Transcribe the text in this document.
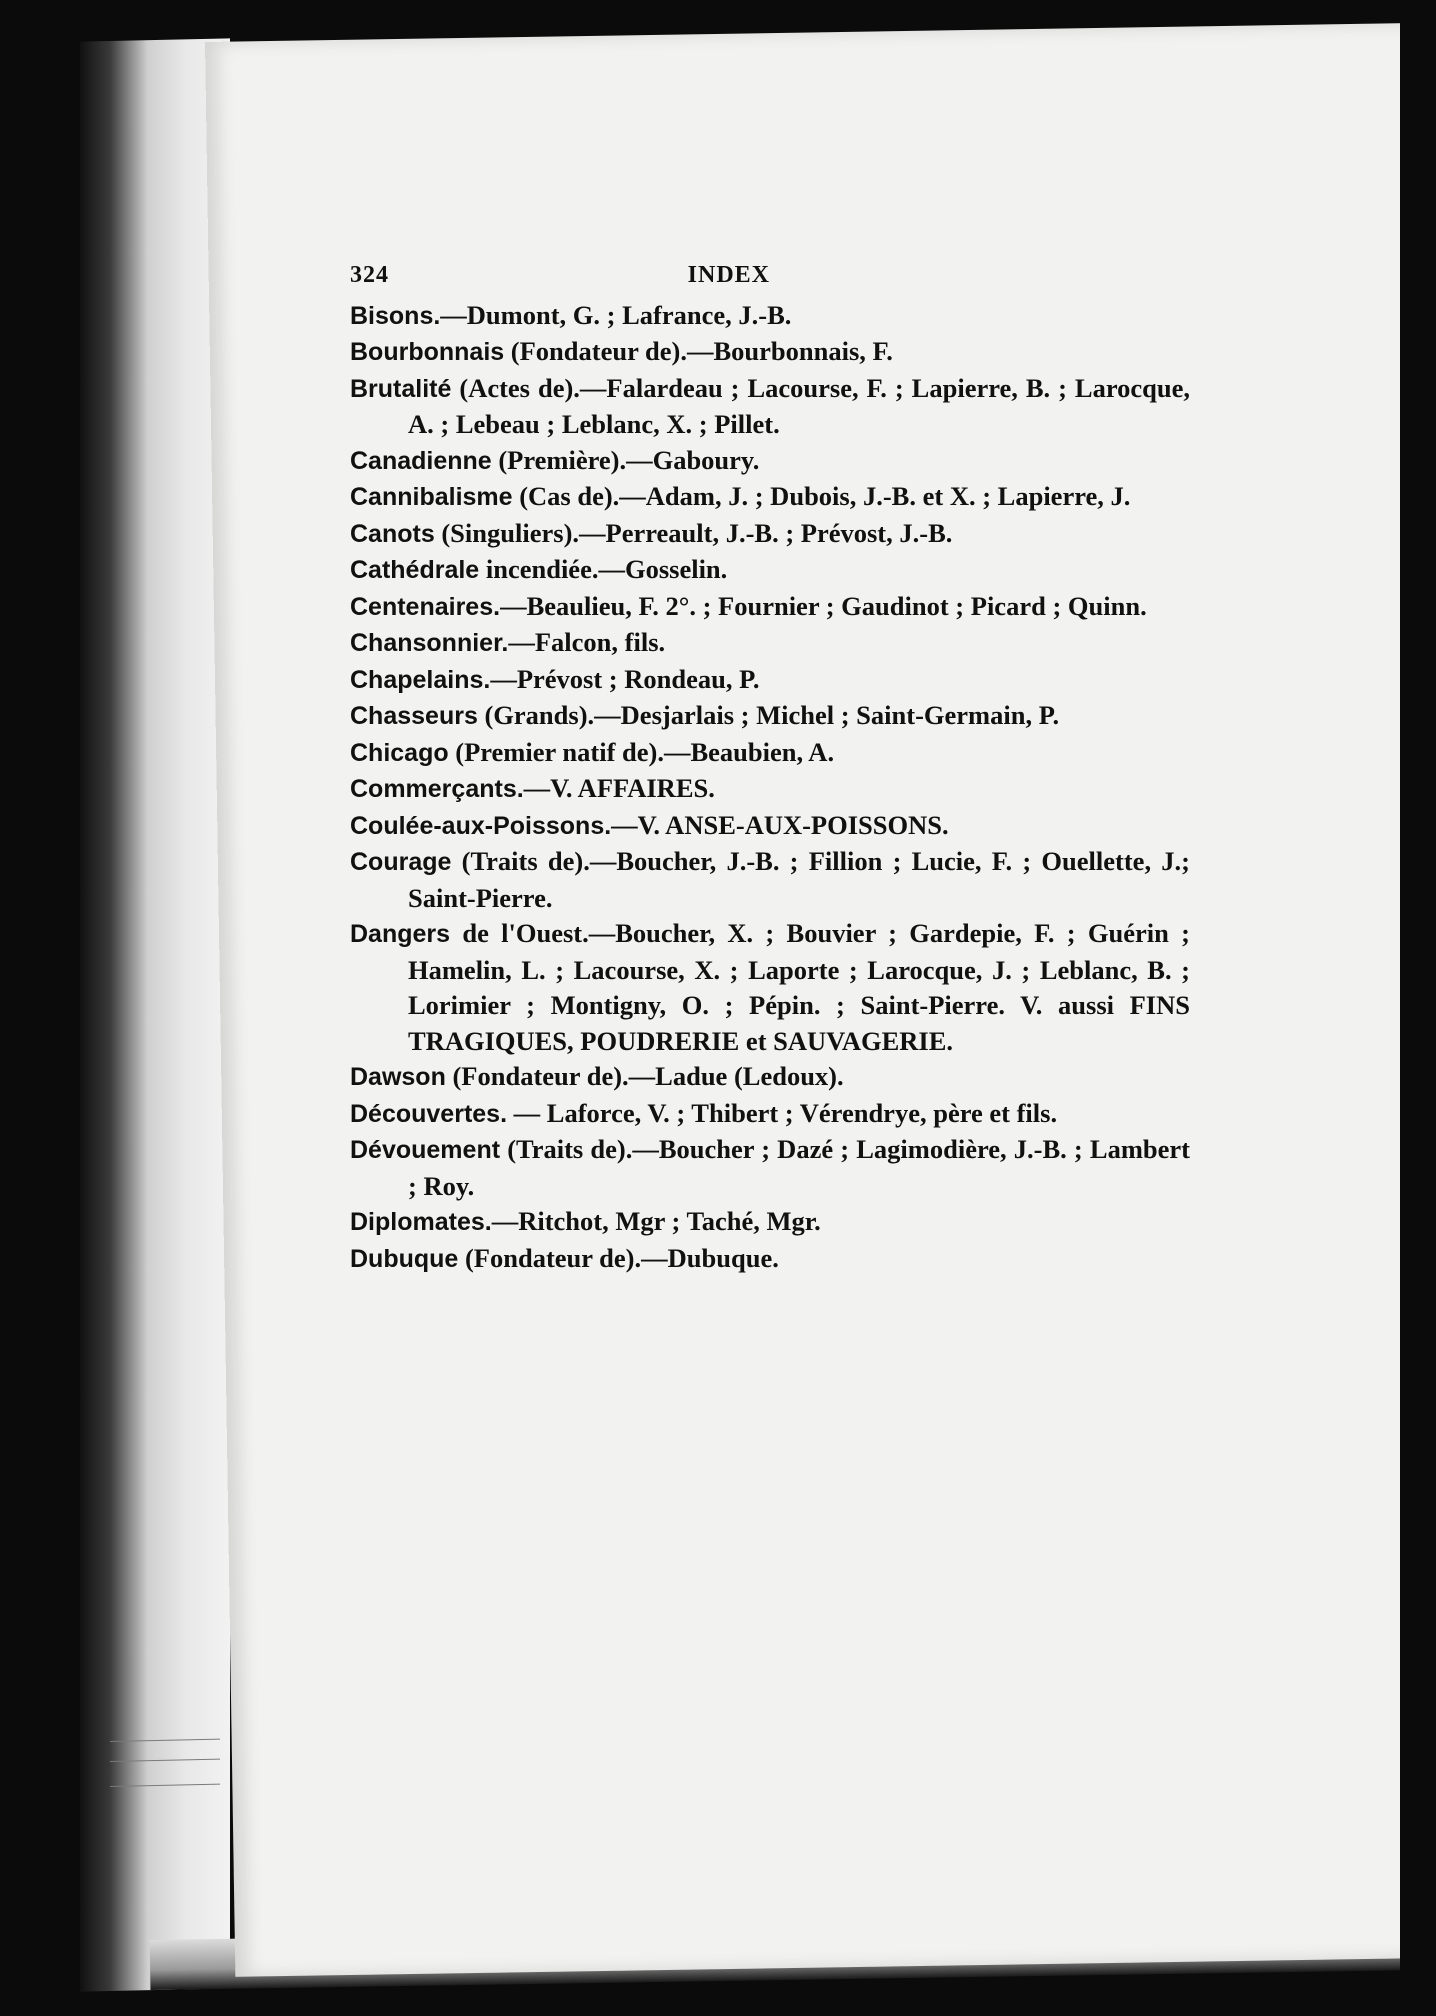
324	INDEX
Bisons.—Dumont, G. ; Lafrance, J.-B.
Bourbonnais (Fondateur de).—Bourbonnais, F.
Brutalité (Actes de).—Falardeau ; Lacourse, F. ; Lapierre, B. ; Larocque, A. ; Lebeau ; Leblanc, X. ; Pillet.
Canadienne (Première).—Gaboury.
Cannibalisme (Cas de).—Adam, J. ; Dubois, J.-B. et X. ; Lapierre, J.
Canots (Singuliers).—Perreault, J.-B. ; Prévost, J.-B.
Cathédrale incendiée.—Gosselin.
Centenaires.—Beaulieu, F. 2°. ; Fournier ; Gaudinot ; Picard ; Quinn.
Chansonnier.—Falcon, fils.
Chapelains.—Prévost ; Rondeau, P.
Chasseurs (Grands).—Desjarlais ; Michel ; Saint-Germain, P.
Chicago (Premier natif de).—Beaubien, A.
Commerçants.—V. AFFAIRES.
Coulée-aux-Poissons.—V. ANSE-AUX-POISSONS.
Courage (Traits de).—Boucher, J.-B. ; Fillion ; Lucie, F. ; Ouellette, J.; Saint-Pierre.
Dangers de l'Ouest.—Boucher, X. ; Bouvier ; Gardepie, F. ; Guérin ; Hamelin, L. ; Lacourse, X. ; Laporte ; Larocque, J. ; Leblanc, B. ; Lorimier ; Montigny, O. ; Pépin. ; Saint-Pierre. V. aussi FINS TRAGIQUES, POUDRERIE et SAUVAGERIE.
Dawson (Fondateur de).—Ladue (Ledoux).
Découvertes. — Laforce, V. ; Thibert ; Vérendrye, père et fils.
Dévouement (Traits de).—Boucher ; Dazé ; Lagimodière, J.-B. ; Lambert ; Roy.
Diplomates.—Ritchot, Mgr ; Taché, Mgr.
Dubuque (Fondateur de).—Dubuque.
